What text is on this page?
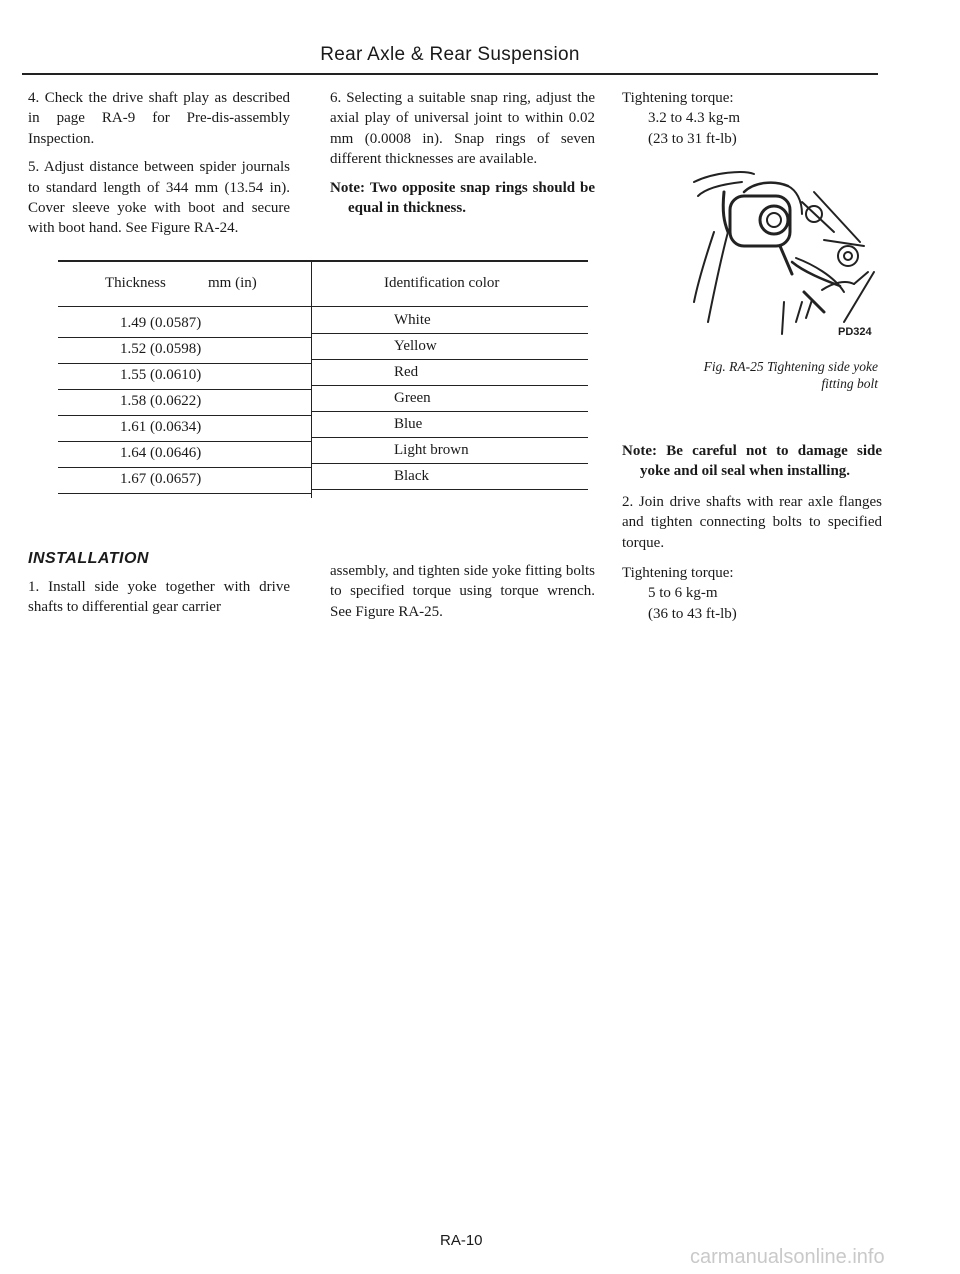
Rear Axle & Rear Suspension

4. Check the drive shaft play as described in page RA-9 for Pre-dis-assembly Inspection.

5. Adjust distance between spider journals to standard length of 344 mm (13.54 in). Cover sleeve yoke with boot and secure with boot hand. See Figure RA-24.

6. Selecting a suitable snap ring, adjust the axial play of universal joint to within 0.02 mm (0.0008 in). Snap rings of seven different thicknesses are available.

Note: Two opposite snap rings should be equal in thickness.

Tightening torque:
3.2 to 4.3 kg-m
(23 to 31 ft-lb)

PD324
Fig. RA-25 Tightening side yoke
fitting bolt
Thickness	mm (in)	Identification color
1.49 (0.0587)	White
1.52 (0.0598)	Yellow
1.55 (0.0610)	Red
1.58 (0.0622)	Green
1.61 (0.0634)	Blue
1.64 (0.0646)	Light brown
1.67 (0.0657)	Black

Note: Be careful not to damage side yoke and oil seal when installing.

2. Join drive shafts with rear axle flanges and tighten connecting bolts to specified torque.

Tightening torque:
5 to 6 kg-m
(36 to 43 ft-lb)

INSTALLATION

1. Install side yoke together with drive shafts to differential gear carrier

assembly, and tighten side yoke fitting bolts to specified torque using torque wrench. See Figure RA-25.

RA-10
carmanualsonline.info
